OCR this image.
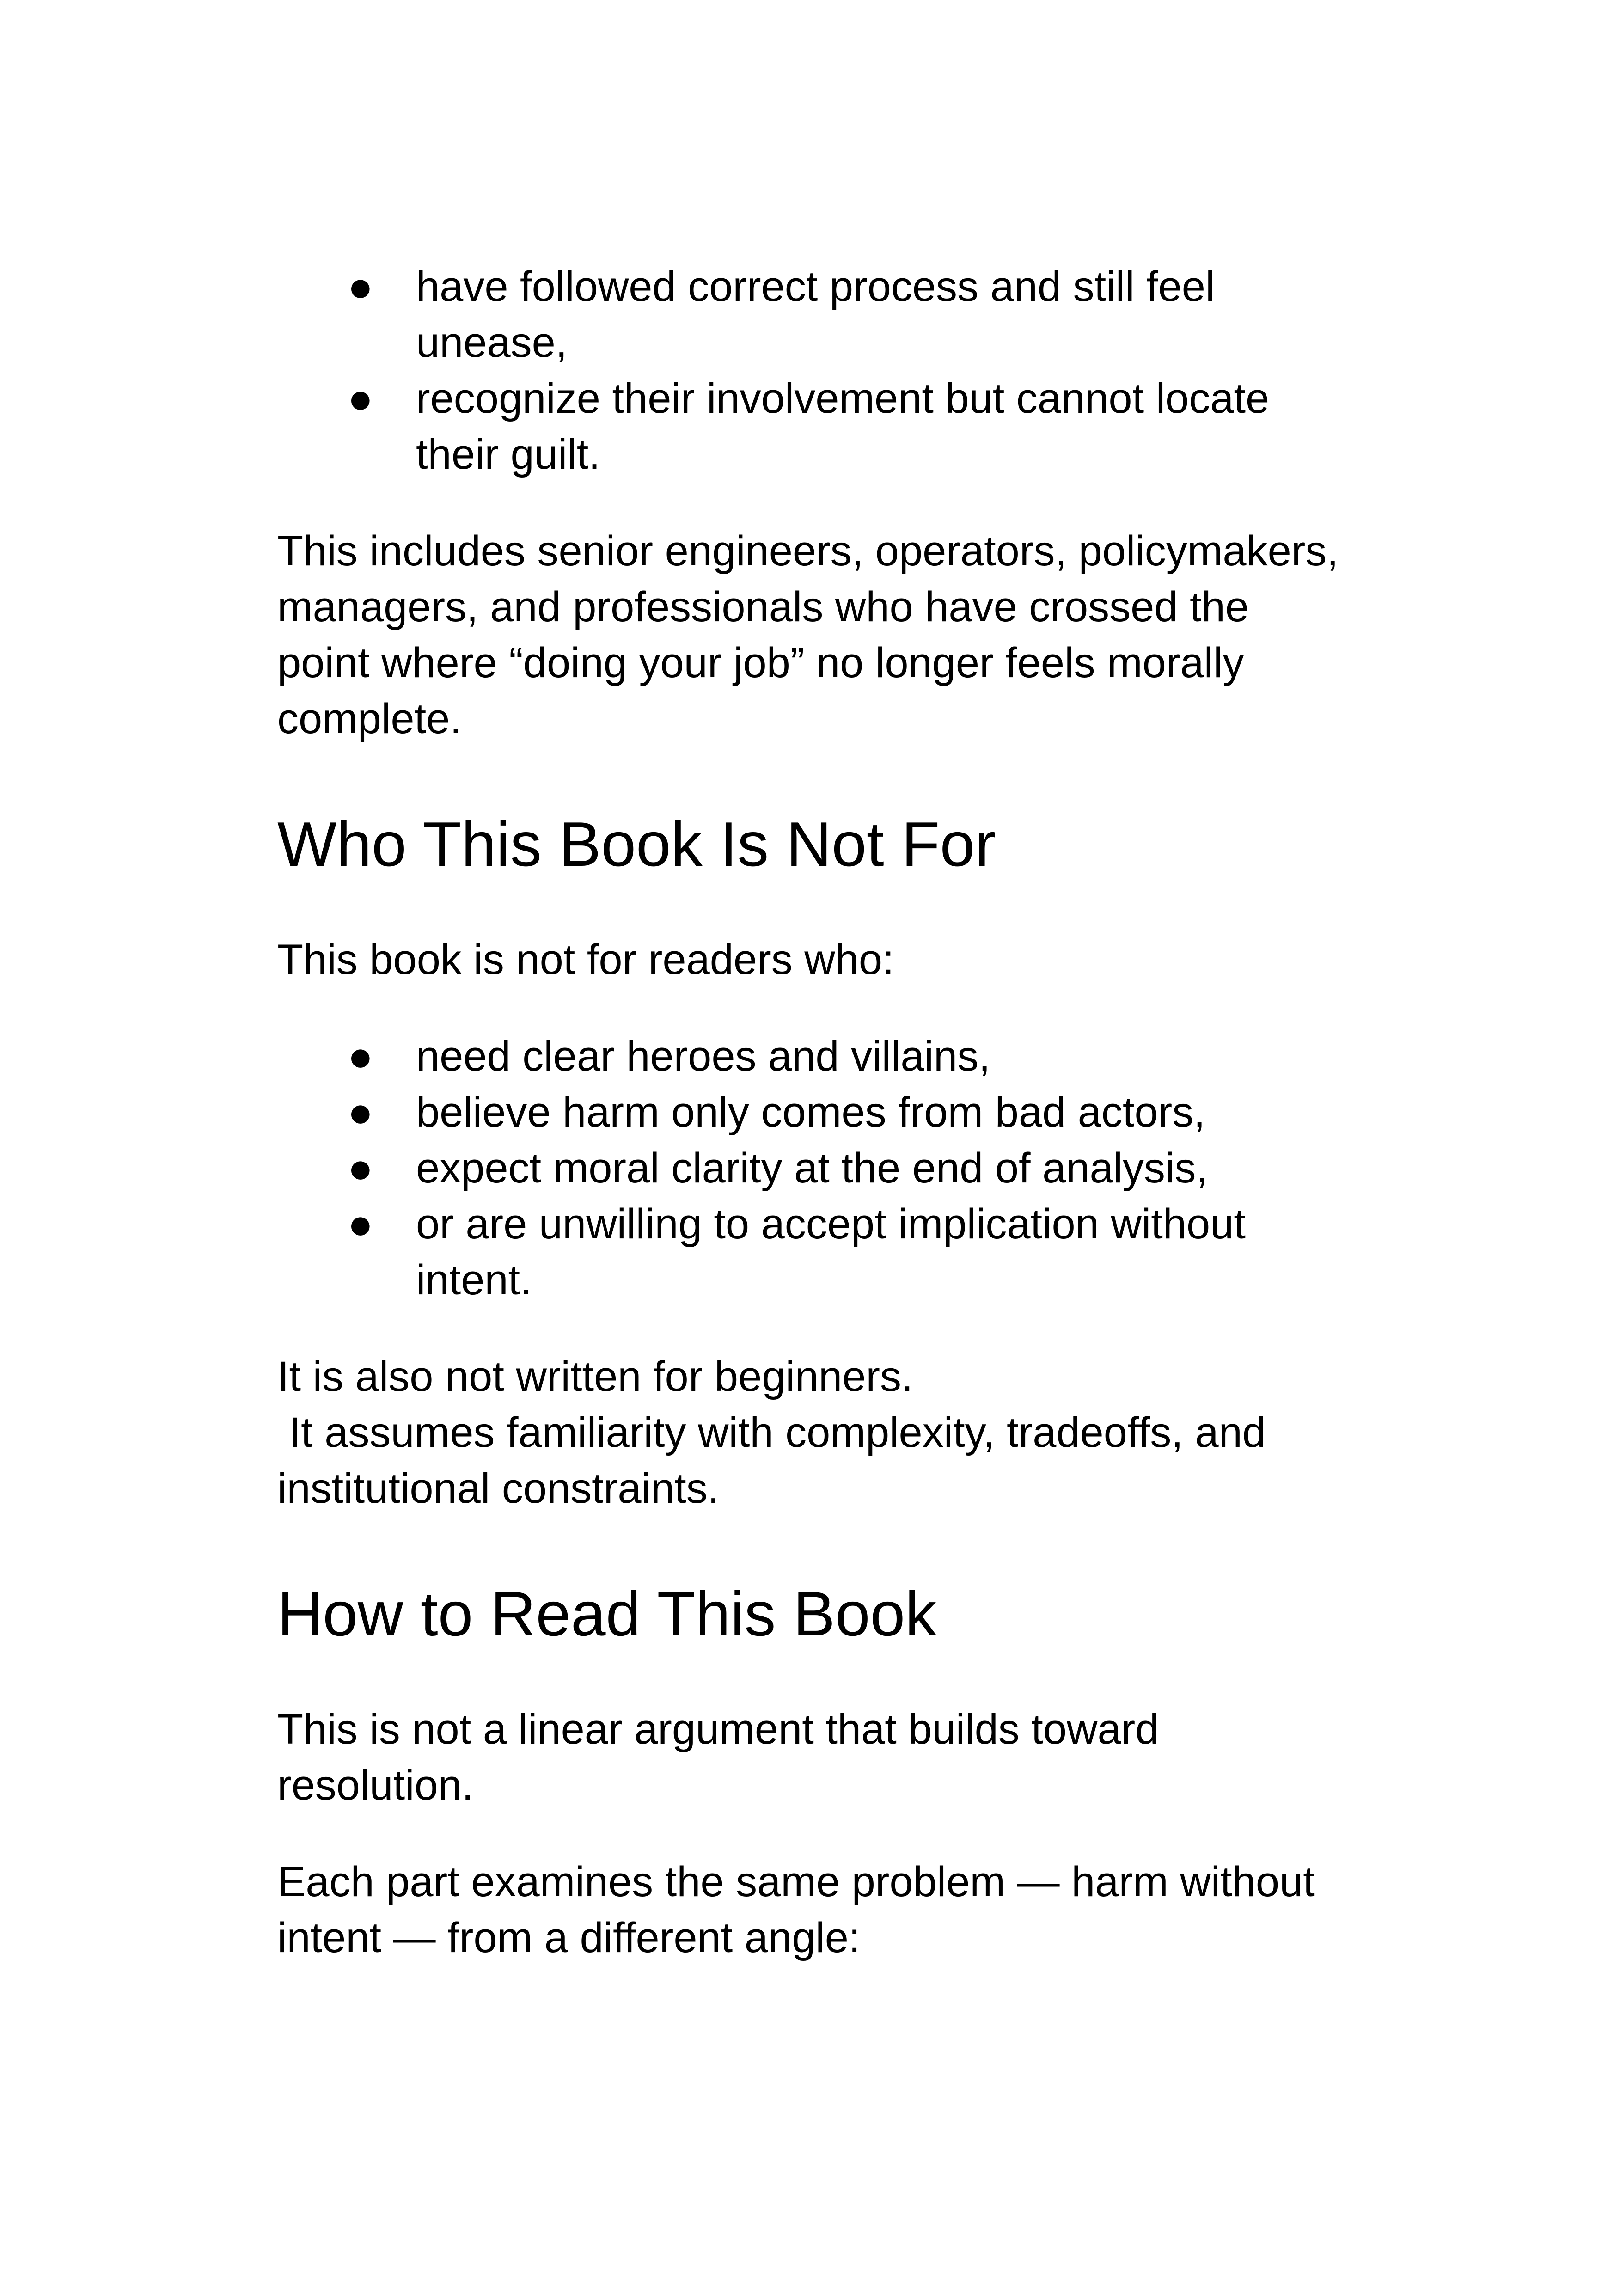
● have followed correct process and still feel unease,
● recognize their involvement but cannot locate their guilt.

This includes senior engineers, operators, policymakers, managers, and professionals who have crossed the point where “doing your job” no longer feels morally complete.

Who This Book Is Not For

This book is not for readers who:

● need clear heroes and villains,
● believe harm only comes from bad actors,
● expect moral clarity at the end of analysis,
● or are unwilling to accept implication without intent.

It is also not written for beginners.
It assumes familiarity with complexity, tradeoffs, and institutional constraints.

How to Read This Book

This is not a linear argument that builds toward resolution.

Each part examines the same problem — harm without intent — from a different angle:
